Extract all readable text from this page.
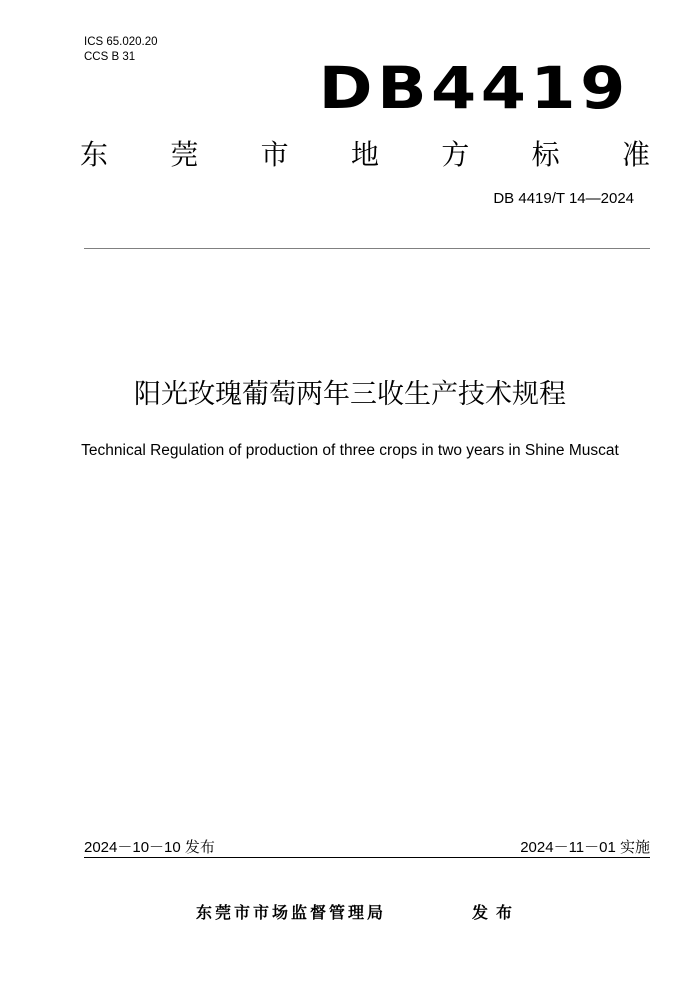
ICS 65.020.20
CCS B 31	DB4419
东 莞 市 地 方 标 准
DB 4419/T 14—2024
阳光玫瑰葡萄两年三收生产技术规程
Technical Regulation of production of three crops in two years in Shine Muscat
2024－10－10 发布	2024－11－01 实施
东莞市市场监督管理局	发布
